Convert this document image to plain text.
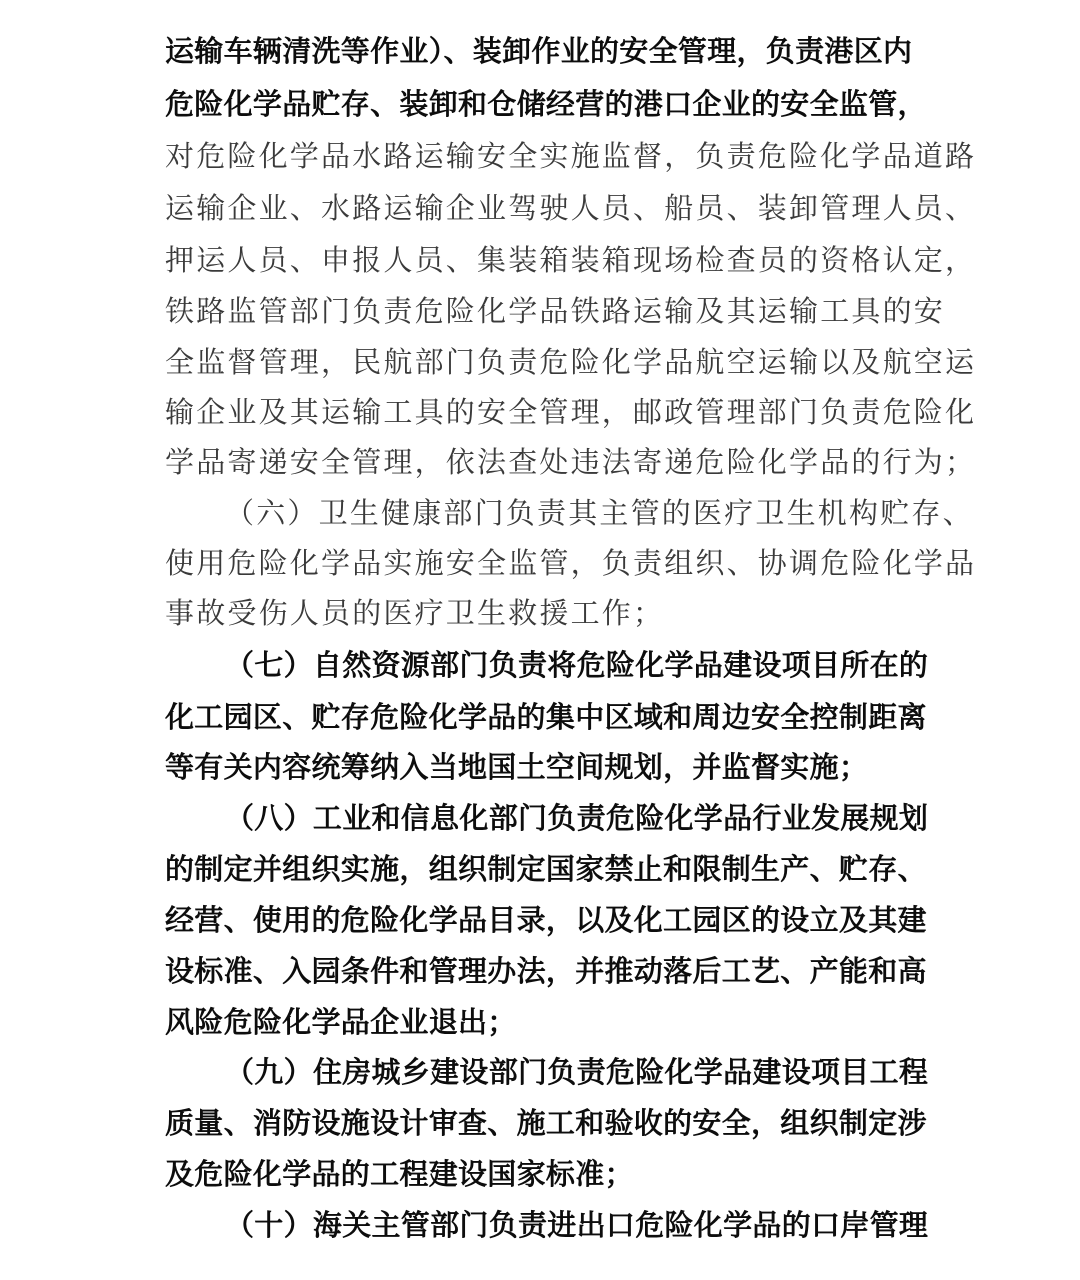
运输车辆清洗等作业）、装卸作业的安全管理，负责港区内
危险化学品贮存、装卸和仓储经营的港口企业的安全监管，
对危险化学品水路运输安全实施监督，负责危险化学品道路
运输企业、水路运输企业驾驶人员、船员、装卸管理人员、
押运人员、申报人员、集装箱装箱现场检查员的资格认定，
铁路监管部门负责危险化学品铁路运输及其运输工具的安
全监督管理，民航部门负责危险化学品航空运输以及航空运
输企业及其运输工具的安全管理，邮政管理部门负责危险化
学品寄递安全管理，依法查处违法寄递危险化学品的行为；
（六）卫生健康部门负责其主管的医疗卫生机构贮存、
使用危险化学品实施安全监管，负责组织、协调危险化学品
事故受伤人员的医疗卫生救援工作；
（七）自然资源部门负责将危险化学品建设项目所在的
化工园区、贮存危险化学品的集中区域和周边安全控制距离
等有关内容统筹纳入当地国土空间规划，并监督实施；
（八）工业和信息化部门负责危险化学品行业发展规划
的制定并组织实施，组织制定国家禁止和限制生产、贮存、
经营、使用的危险化学品目录，以及化工园区的设立及其建
设标准、入园条件和管理办法，并推动落后工艺、产能和高
风险危险化学品企业退出；
（九）住房城乡建设部门负责危险化学品建设项目工程
质量、消防设施设计审查、施工和验收的安全，组织制定涉
及危险化学品的工程建设国家标准；
（十）海关主管部门负责进出口危险化学品的口岸管理
